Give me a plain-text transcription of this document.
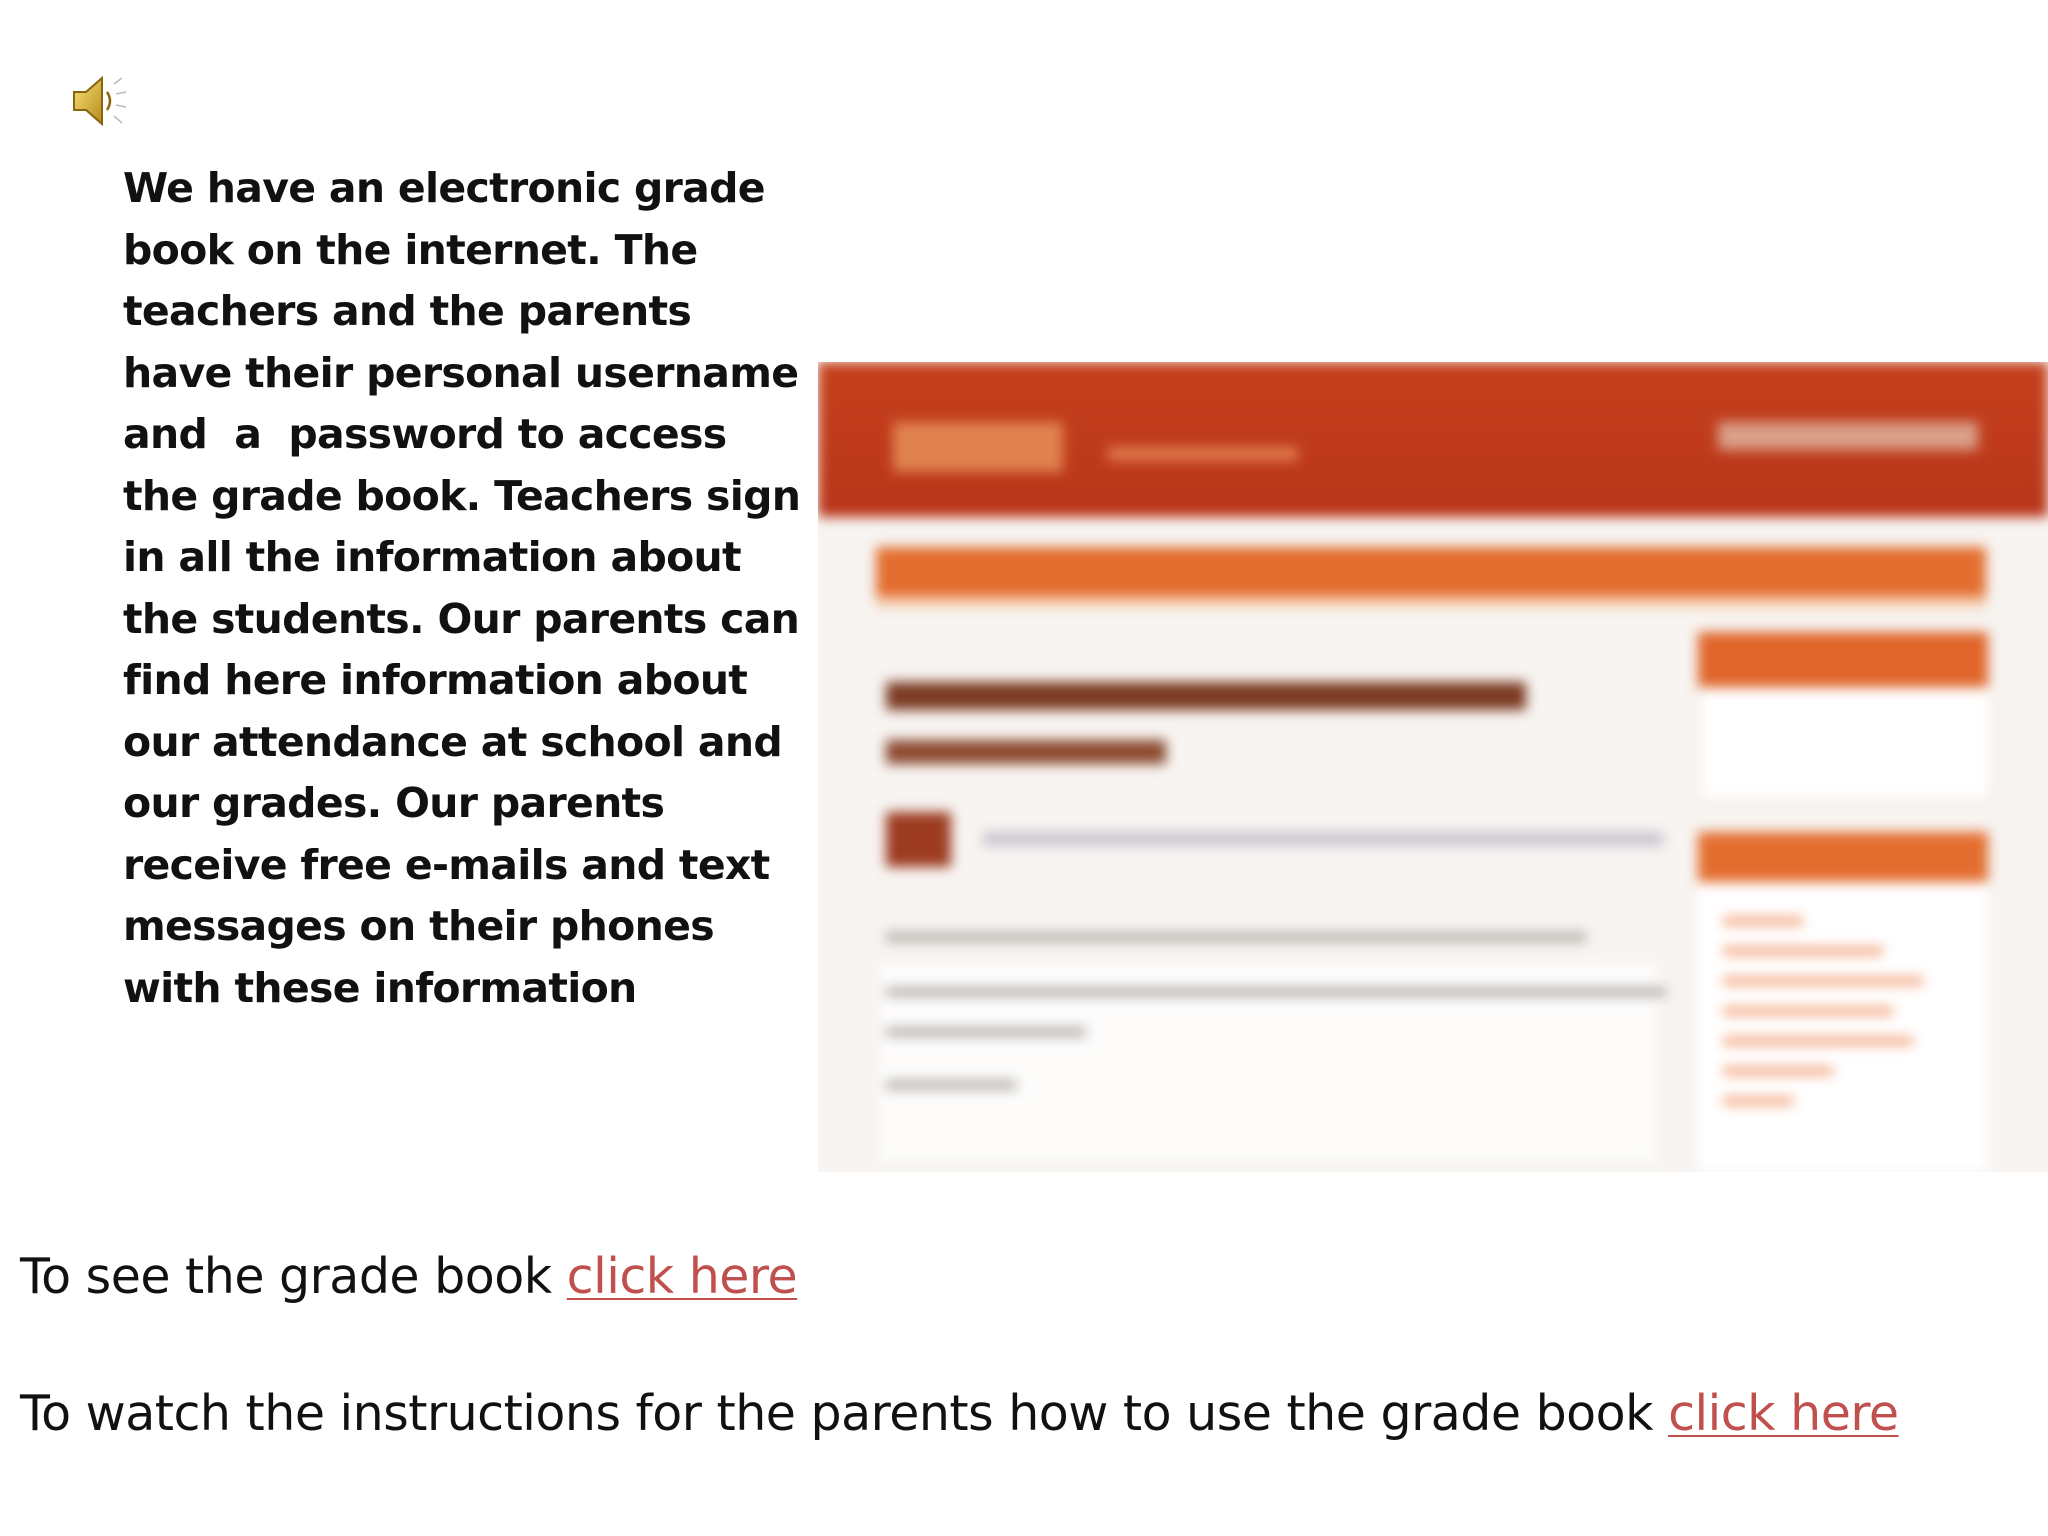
We have an electronic grade
book on the internet. The
teachers and the parents
have their personal username
and  a  password to access
the grade book. Teachers sign
in all the information about
the students. Our parents can
find here information about
our attendance at school and
our grades. Our parents
receive free e-mails and text
messages on their phones
with these information
To see the grade book click here
To watch the instructions for the parents how to use the grade book click here
